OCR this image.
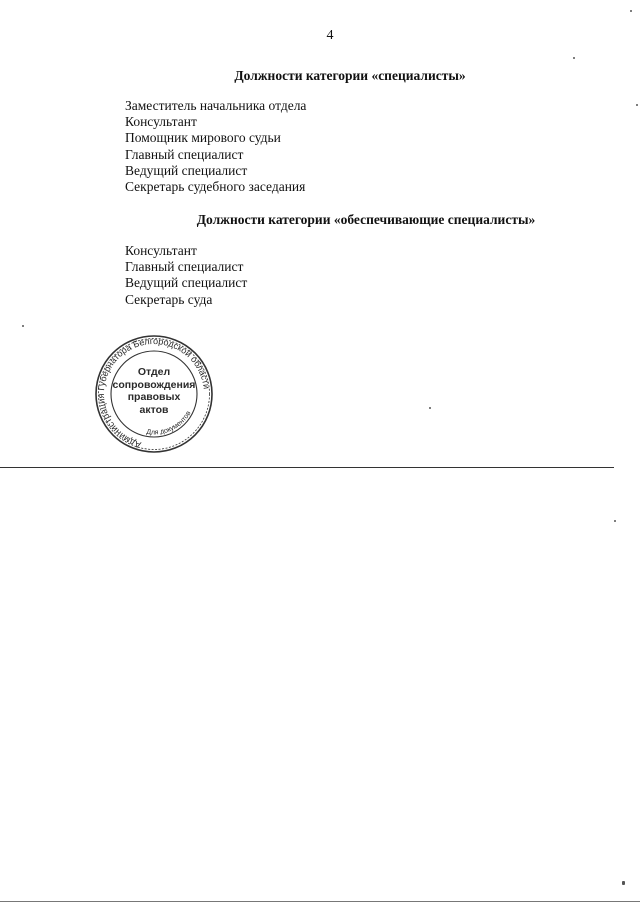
4
Должности категории «специалисты»
Заместитель начальника отдела
Консультант
Помощник мирового судьи
Главный специалист
Ведущий специалист
Секретарь судебного заседания
Должности категории «обеспечивающие специалисты»
Консультант
Главный специалист
Ведущий специалист
Секретарь суда
Администрация Губернатора Белгородской области
Для документов
Отдел
сопровождения
правовых
актов
